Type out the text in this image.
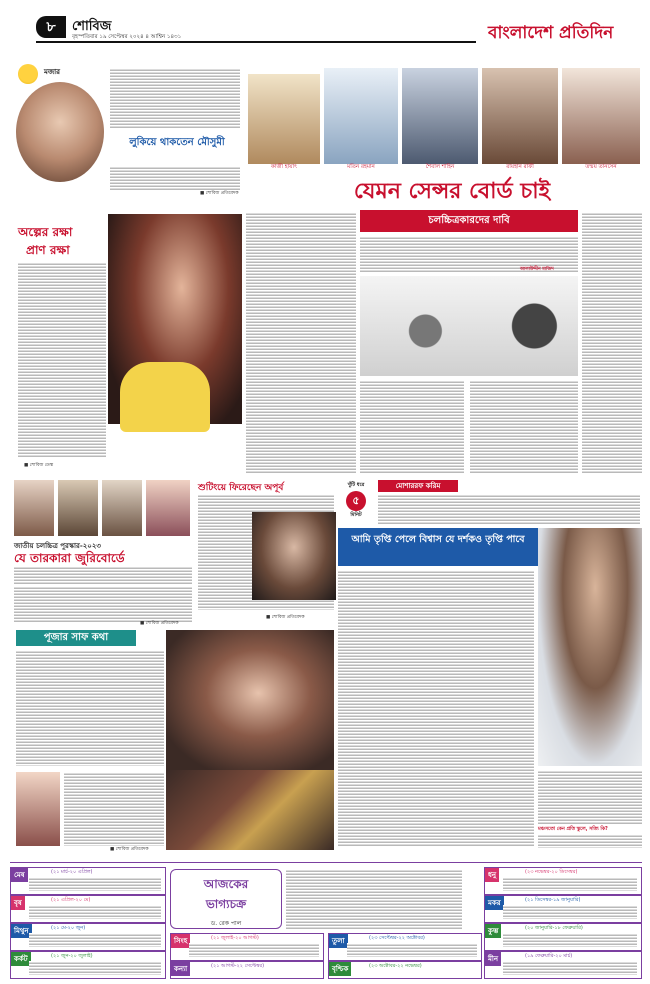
৮	শোবিজ
বৃহস্পতিবার ১৯ সেপ্টেম্বর ২০২৪ ৪ আশ্বিন ১৪৩১	বাংলাদেশ প্রতিদিন
মজার
লুকিয়ে থাকতেন মৌসুমী
■ শোবিজ প্রতিবেদক
কাজী হায়াৎ	মতিন রহমান	শৈবাল শাহিন	রায়হান রাফী	তন্ময় তানসেন
যেমন সেন্সর বোর্ড চাই
অল্পের রক্ষা
প্রাণ রক্ষা
■ শোবিজ ডেস্ক
চলচ্চিত্রকারদের দাবি
আলাউদ্দীন মাজিদ
জাতীয় চলচ্চিত্র পুরস্কার-২০২৩
যে তারকারা জুরিবোর্ডে
■ শোবিজ প্রতিবেদক
শুটিংয়ে ফিরেছেন অপূর্ব
■ শোবিজ প্রতিবেদক
খুঁটি ধরে
৫
মিনিট
মোশাররফ করিম
আমি তৃপ্তি পেলে বিশ্বাস যে দর্শকও তৃপ্তি পাবে
মঞ্চসতো কেন প্রতি স্কুলে, সত্যি কি?
পূজার সাফ কথা
■ শোবিজ প্রতিবেদক
আজকের
ভাগ্যচক্র
ড. রেক পাল
মেষ	(২১ মার্চ-২০ এপ্রিল)
বৃষ	(২১ এপ্রিল-২০ মে)
মিথুন	(২১ মে-২০ জুন)
কর্কট	(২১ জুন-২০ জুলাই)
সিংহ	(২১ জুলাই-২০ আগস্ট)
কন্যা	(২১ আগস্ট-২২ সেপ্টেম্বর)
তুলা	(২৩ সেপ্টেম্বর-২২ অক্টোবর)
বৃশ্চিক	(২৩ অক্টোবর-২২ নভেম্বর)
ধনু	(২৩ নভেম্বর-২০ ডিসেম্বর)
মকর	(২১ ডিসেম্বর-১৯ জানুয়ারি)
কুম্ভ	(২০ জানুয়ারি-১৮ ফেব্রুয়ারি)
মীন	(১৯ ফেব্রুয়ারি-২০ মার্চ)
